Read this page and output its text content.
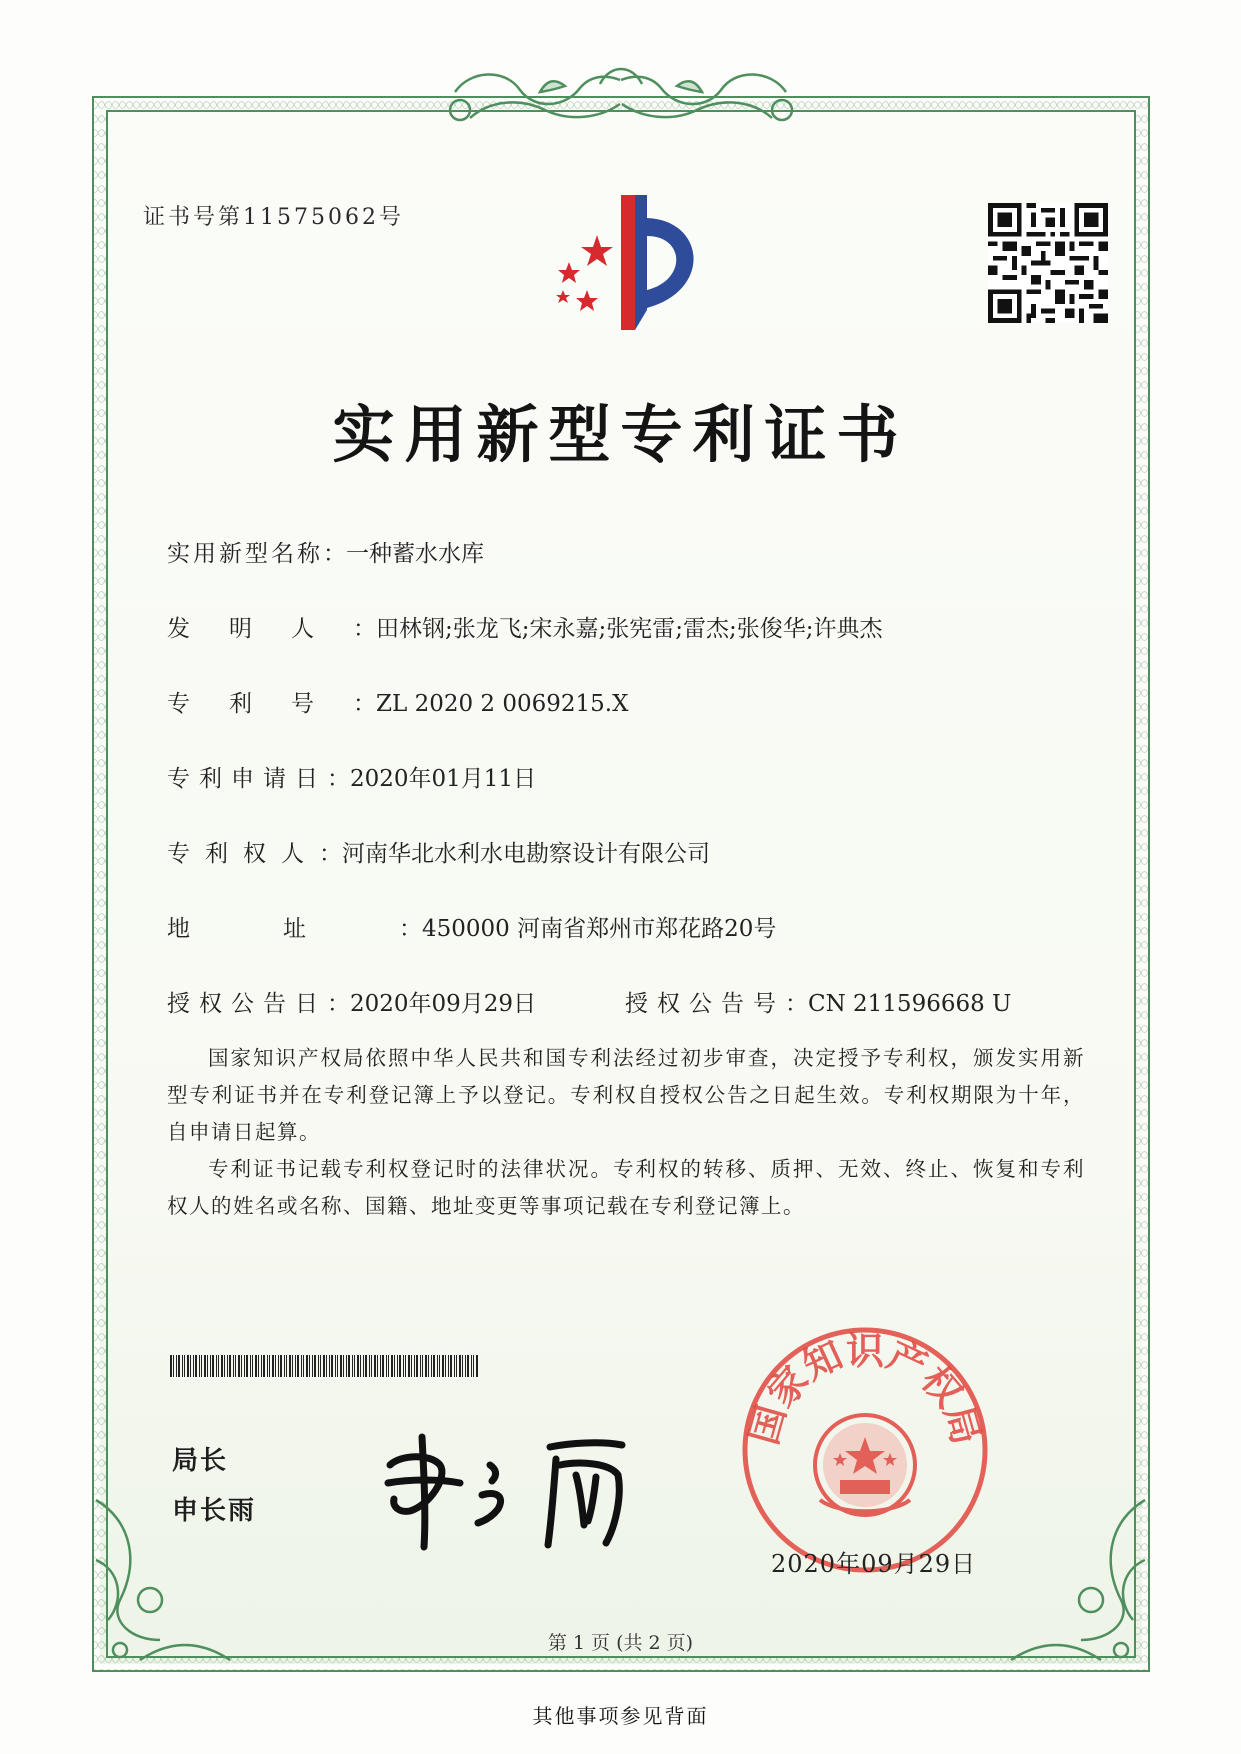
证书号第11575062号
实用新型专利证书
实用新型名称：一种蓄水水库
发明人：田林钢;张龙飞;宋永嘉;张宪雷;雷杰;张俊华;许典杰
专利号：ZL 2020 2 0069215.X
专利申请日：2020年01月11日
专利权人：河南华北水利水电勘察设计有限公司
地址：450000 河南省郑州市郑花路20号
授权公告日：2020年09月29日	授权公告号：CN 211596668 U

国家知识产权局依照中华人民共和国专利法经过初步审查，决定授予专利权，颁发实用新型专利证书并在专利登记簿上予以登记。专利权自授权公告之日起生效。专利权期限为十年，自申请日起算。

专利证书记载专利权登记时的法律状况。专利权的转移、质押、无效、终止、恢复和专利权人的姓名或名称、国籍、地址变更等事项记载在专利登记簿上。

局长
申长雨
国家知识产权局
2020年09月29日
第 1 页 (共 2 页)
其他事项参见背面
